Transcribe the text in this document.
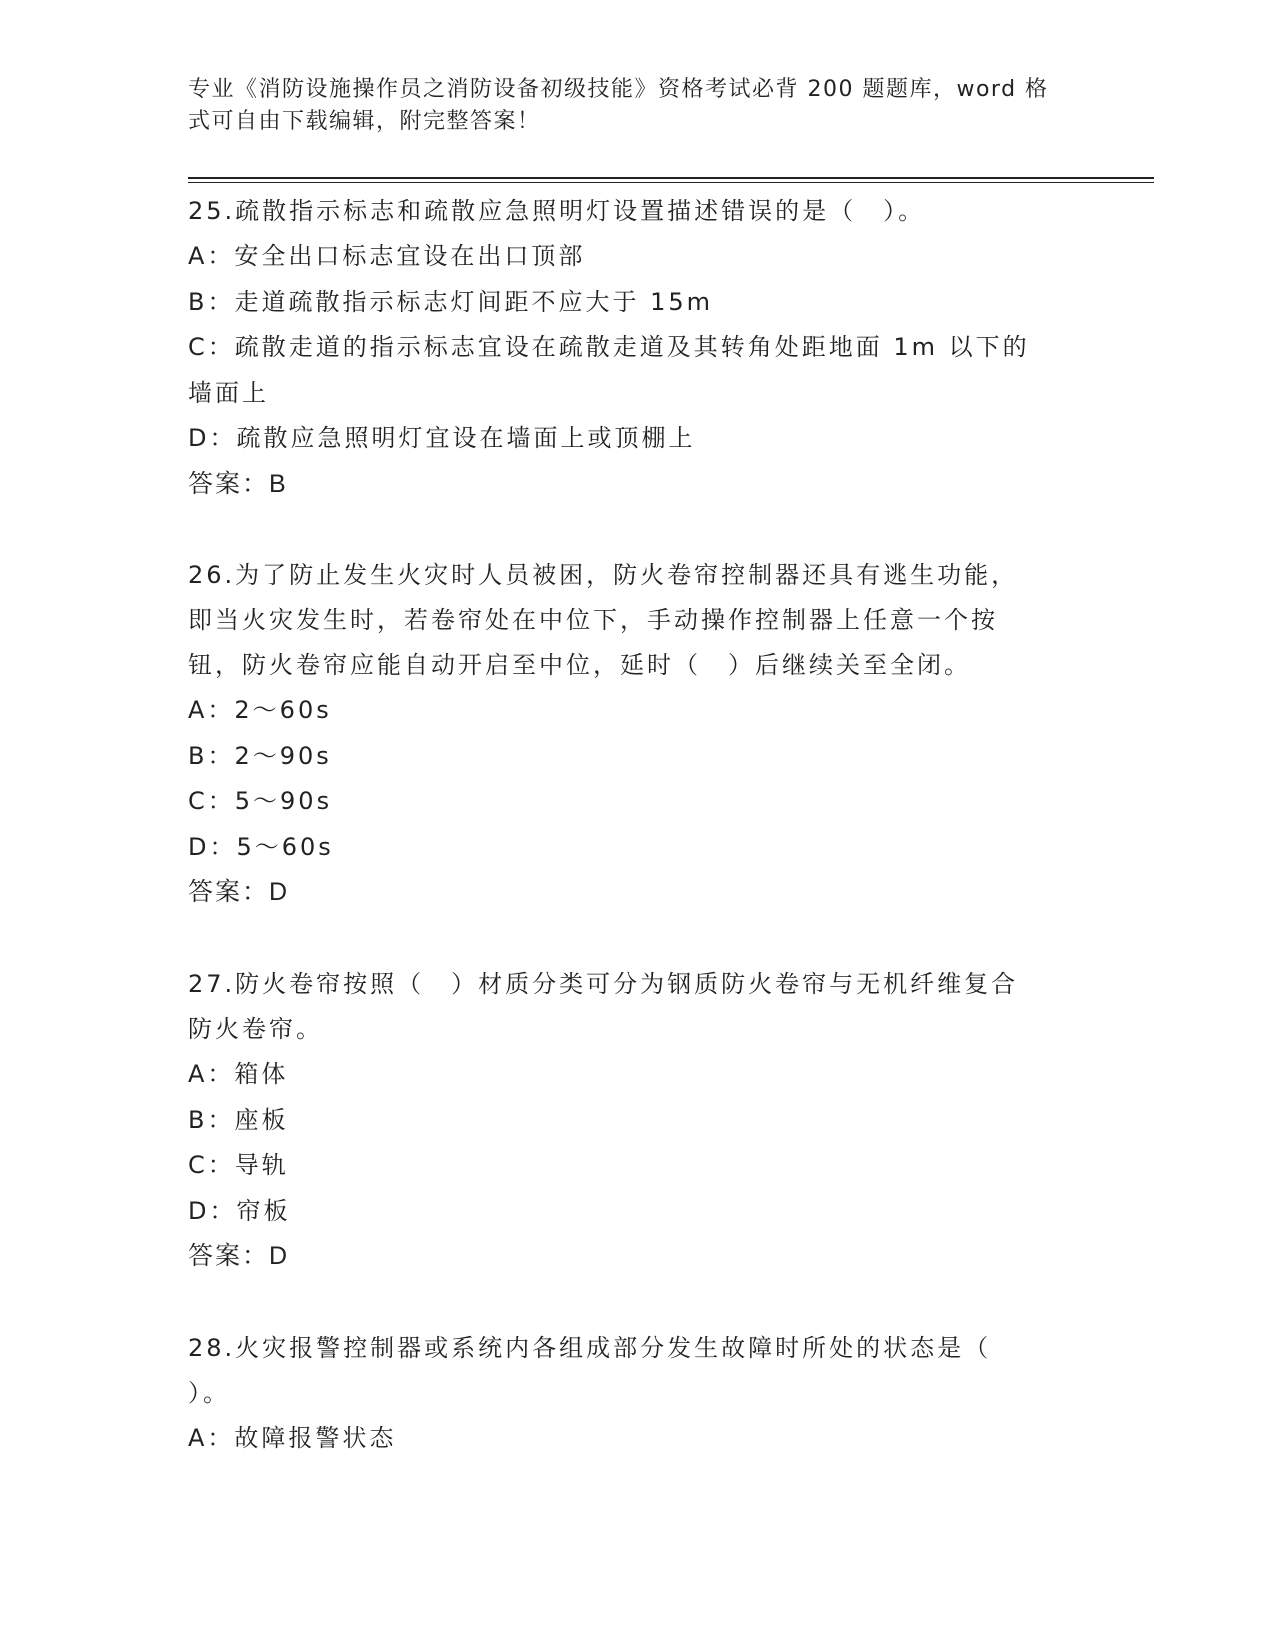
专业《消防设施操作员之消防设备初级技能》资格考试必背 200 题题库，word 格

式可自由下载编辑，附完整答案！

25.疏散指示标志和疏散应急照明灯设置描述错误的是（　）。

A：安全出口标志宜设在出口顶部

B：走道疏散指示标志灯间距不应大于 15m

C：疏散走道的指示标志宜设在疏散走道及其转角处距地面 1m 以下的

墙面上

D：疏散应急照明灯宜设在墙面上或顶棚上

答案：B

26.为了防止发生火灾时人员被困，防火卷帘控制器还具有逃生功能，

即当火灾发生时，若卷帘处在中位下，手动操作控制器上任意一个按

钮，防火卷帘应能自动开启至中位，延时（　）后继续关至全闭。

A：2～60s

B：2～90s

C：5～90s

D：5～60s

答案：D

27.防火卷帘按照（　）材质分类可分为钢质防火卷帘与无机纤维复合

防火卷帘。

A：箱体

B：座板

C：导轨

D：帘板

答案：D

28.火灾报警控制器或系统内各组成部分发生故障时所处的状态是（

）。

A：故障报警状态
